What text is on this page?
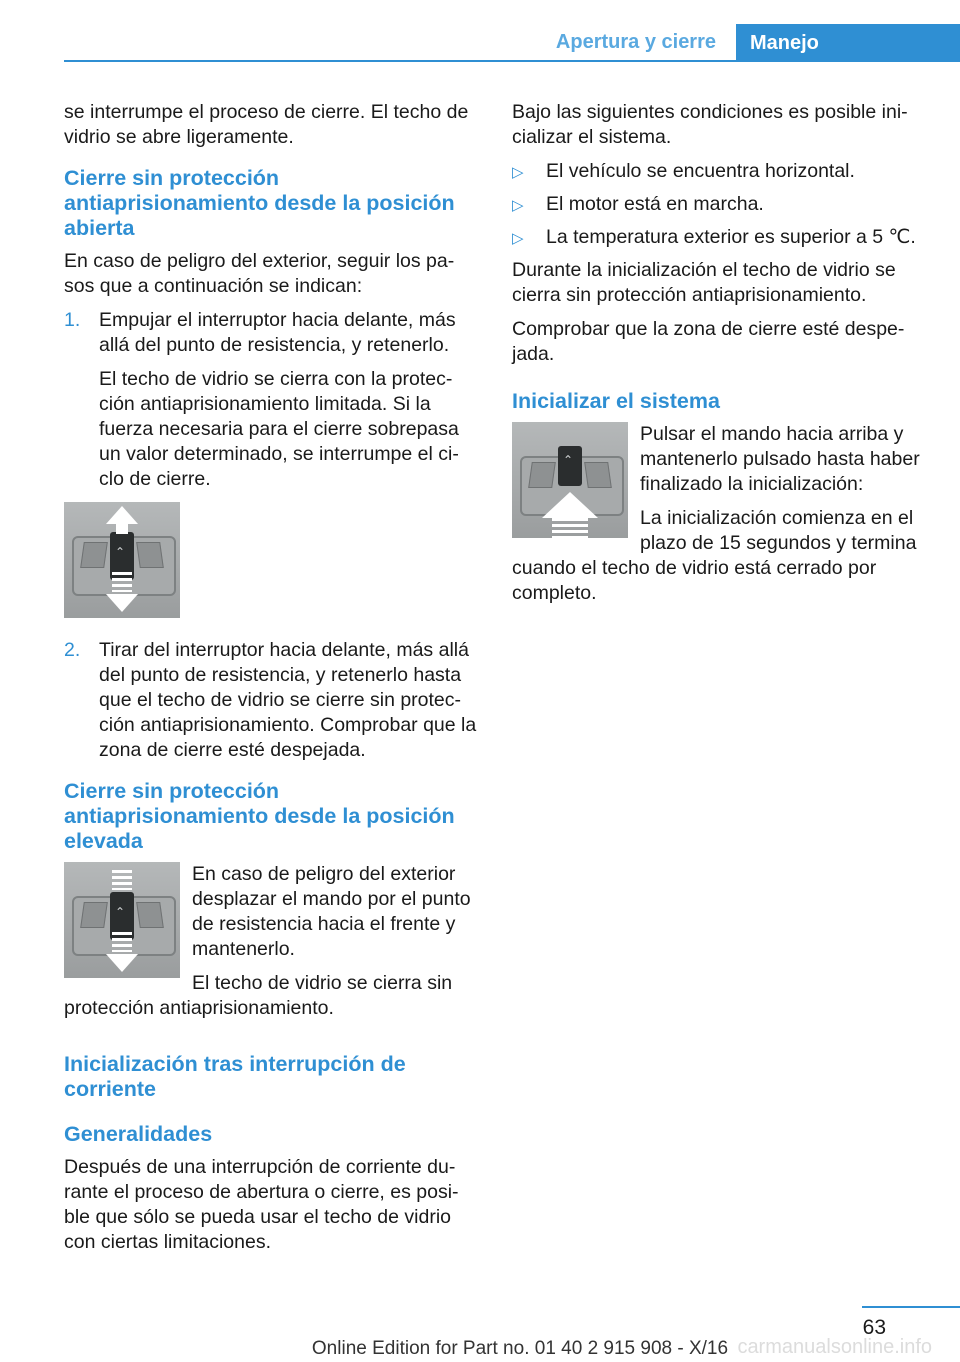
Apertura y cierre	Manejo

se interrumpe el proceso de cierre. El techo de vidrio se abre ligeramente.

Cierre sin protección antiaprisionamiento desde la posición abierta

En caso de peligro del exterior, seguir los pa‐sos que a continuación se indican:

1. Empujar el interruptor hacia delante, más allá del punto de resistencia, y retenerlo.
El techo de vidrio se cierra con la protec‐ción antiaprisionamiento limitada. Si la fuerza necesaria para el cierre sobrepasa un valor determinado, se interrumpe el ci‐clo de cierre.
⌃
2. Tirar del interruptor hacia delante, más allá del punto de resistencia, y retenerlo hasta que el techo de vidrio se cierre sin protec‐ción antiaprisionamiento. Comprobar que la zona de cierre esté despejada.
Cierre sin protección antiaprisionamiento desde la posición elevada
⌃

En caso de peligro del exterior desplazar el mando por el punto de resistencia hacia el frente y mantenerlo.

El techo de vidrio se cierra sin protección antiaprisionamiento.

Inicialización tras interrupción de corriente
Generalidades

Después de una interrupción de corriente du‐rante el proceso de abertura o cierre, es posi‐ble que sólo se pueda usar el techo de vidrio con ciertas limitaciones.

Bajo las siguientes condiciones es posible ini‐cializar el sistema.

▷ El vehículo se encuentra horizontal.
▷ El motor está en marcha.
▷ La temperatura exterior es superior a 5 ℃.

Durante la inicialización el techo de vidrio se cierra sin protección antiaprisionamiento.

Comprobar que la zona de cierre esté despe‐jada.

Inicializar el sistema
⌃

Pulsar el mando hacia arriba y mantenerlo pulsado hasta haber finalizado la inicialización:

La inicialización comienza en el plazo de 15 segundos y termina cuando el techo de vidrio está cerrado por completo.

63
Online Edition for Part no. 01 40 2 915 908 - X/16 carmanualsonline.info
